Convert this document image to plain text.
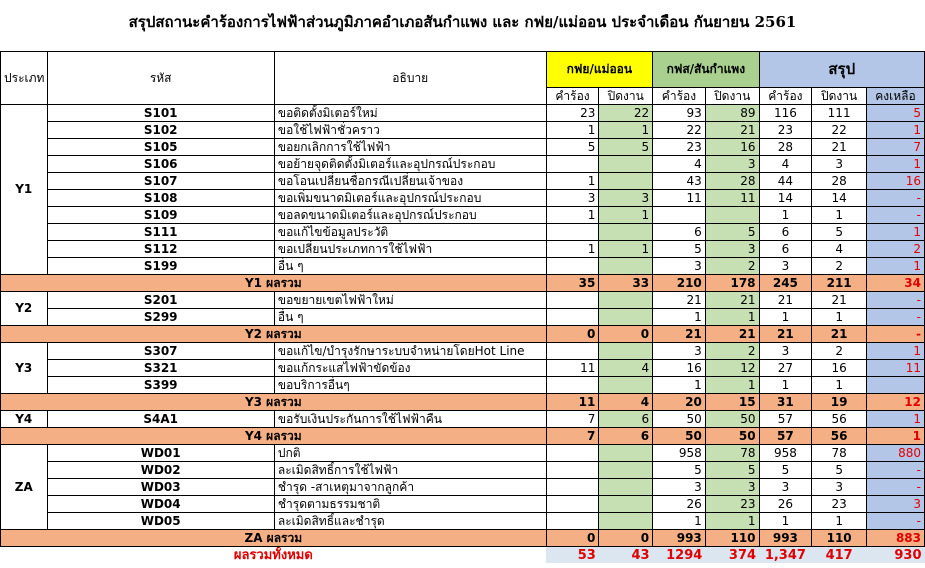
สรุปสถานะคำร้องการไฟฟ้าส่วนภูมิภาคอำเภอสันกำแพง และ กฟย/แม่ออน ประจำเดือน กันยายน 2561
ประเภท	รหัส	อธิบาย	กฟย/แม่ออน		กฟส/สันกำแพง		สรุป		
			คำร้อง	ปิดงาน	คำร้อง	ปิดงาน	คำร้อง	ปิดงาน	คงเหลือ
Y1	S101	ขอติดตั้งมิเตอร์ใหม่	23	22	93	89	116	111	5
	S102	ขอใช้ไฟฟ้าชั่วคราว	1	1	22	21	23	22	1
	S105	ขอยกเลิกการใช้ไฟฟ้า	5	5	23	16	28	21	7
	S106	ขอย้ายจุดติดตั้งมิเตอร์และอุปกรณ์ประกอบ			4	3	4	3	1
	S107	ขอโอนเปลี่ยนชื่อกรณีเปลี่ยนเจ้าของ	1		43	28	44	28	16
	S108	ขอเพิ่มขนาดมิเตอร์และอุปกรณ์ประกอบ	3	3	11	11	14	14	-
	S109	ขอลดขนาดมิเตอร์และอุปกรณ์ประกอบ	1	1			1	1	-
	S111	ขอแก้ไขข้อมูลประวัติ			6	5	6	5	1
	S112	ขอเปลี่ยนประเภทการใช้ไฟฟ้า	1	1	5	3	6	4	2
	S199	อื่น ๆ			3	2	3	2	1
Y1 ผลรวม			35	33	210	178	245	211	34
Y2	S201	ขอขยายเขตไฟฟ้าใหม่			21	21	21	21	-
	S299	อื่น ๆ			1	1	1	1	-
Y2 ผลรวม			0	0	21	21	21	21	-
Y3	S307	ขอแก้ไข/บำรุงรักษาระบบจำหน่ายโดยHot Line			3	2	3	2	1
	S321	ขอแก้กระแสไฟฟ้าขัดข้อง	11	4	16	12	27	16	11
	S399	ขอบริการอื่นๆ			1	1	1	1	
Y3 ผลรวม			11	4	20	15	31	19	12
Y4	S4A1	ขอรับเงินประกันการใช้ไฟฟ้าคืน	7	6	50	50	57	56	1
Y4 ผลรวม			7	6	50	50	57	56	1
ZA	WD01	ปกติ			958	78	958	78	880
	WD02	ละเมิดสิทธิ์การใช้ไฟฟ้า			5	5	5	5	-
	WD03	ชำรุด -สาเหตุมาจากลูกค้า			3	3	3	3	-
	WD04	ชำรุดตามธรรมชาติ			26	23	26	23	3
	WD05	ละเมิดสิทธิ์และชำรุด			1	1	1	1	-
ZA ผลรวม			0	0	993	110	993	110	883
ผลรวมทั้งหมด			53	43	1294	374	1,347	417	930
